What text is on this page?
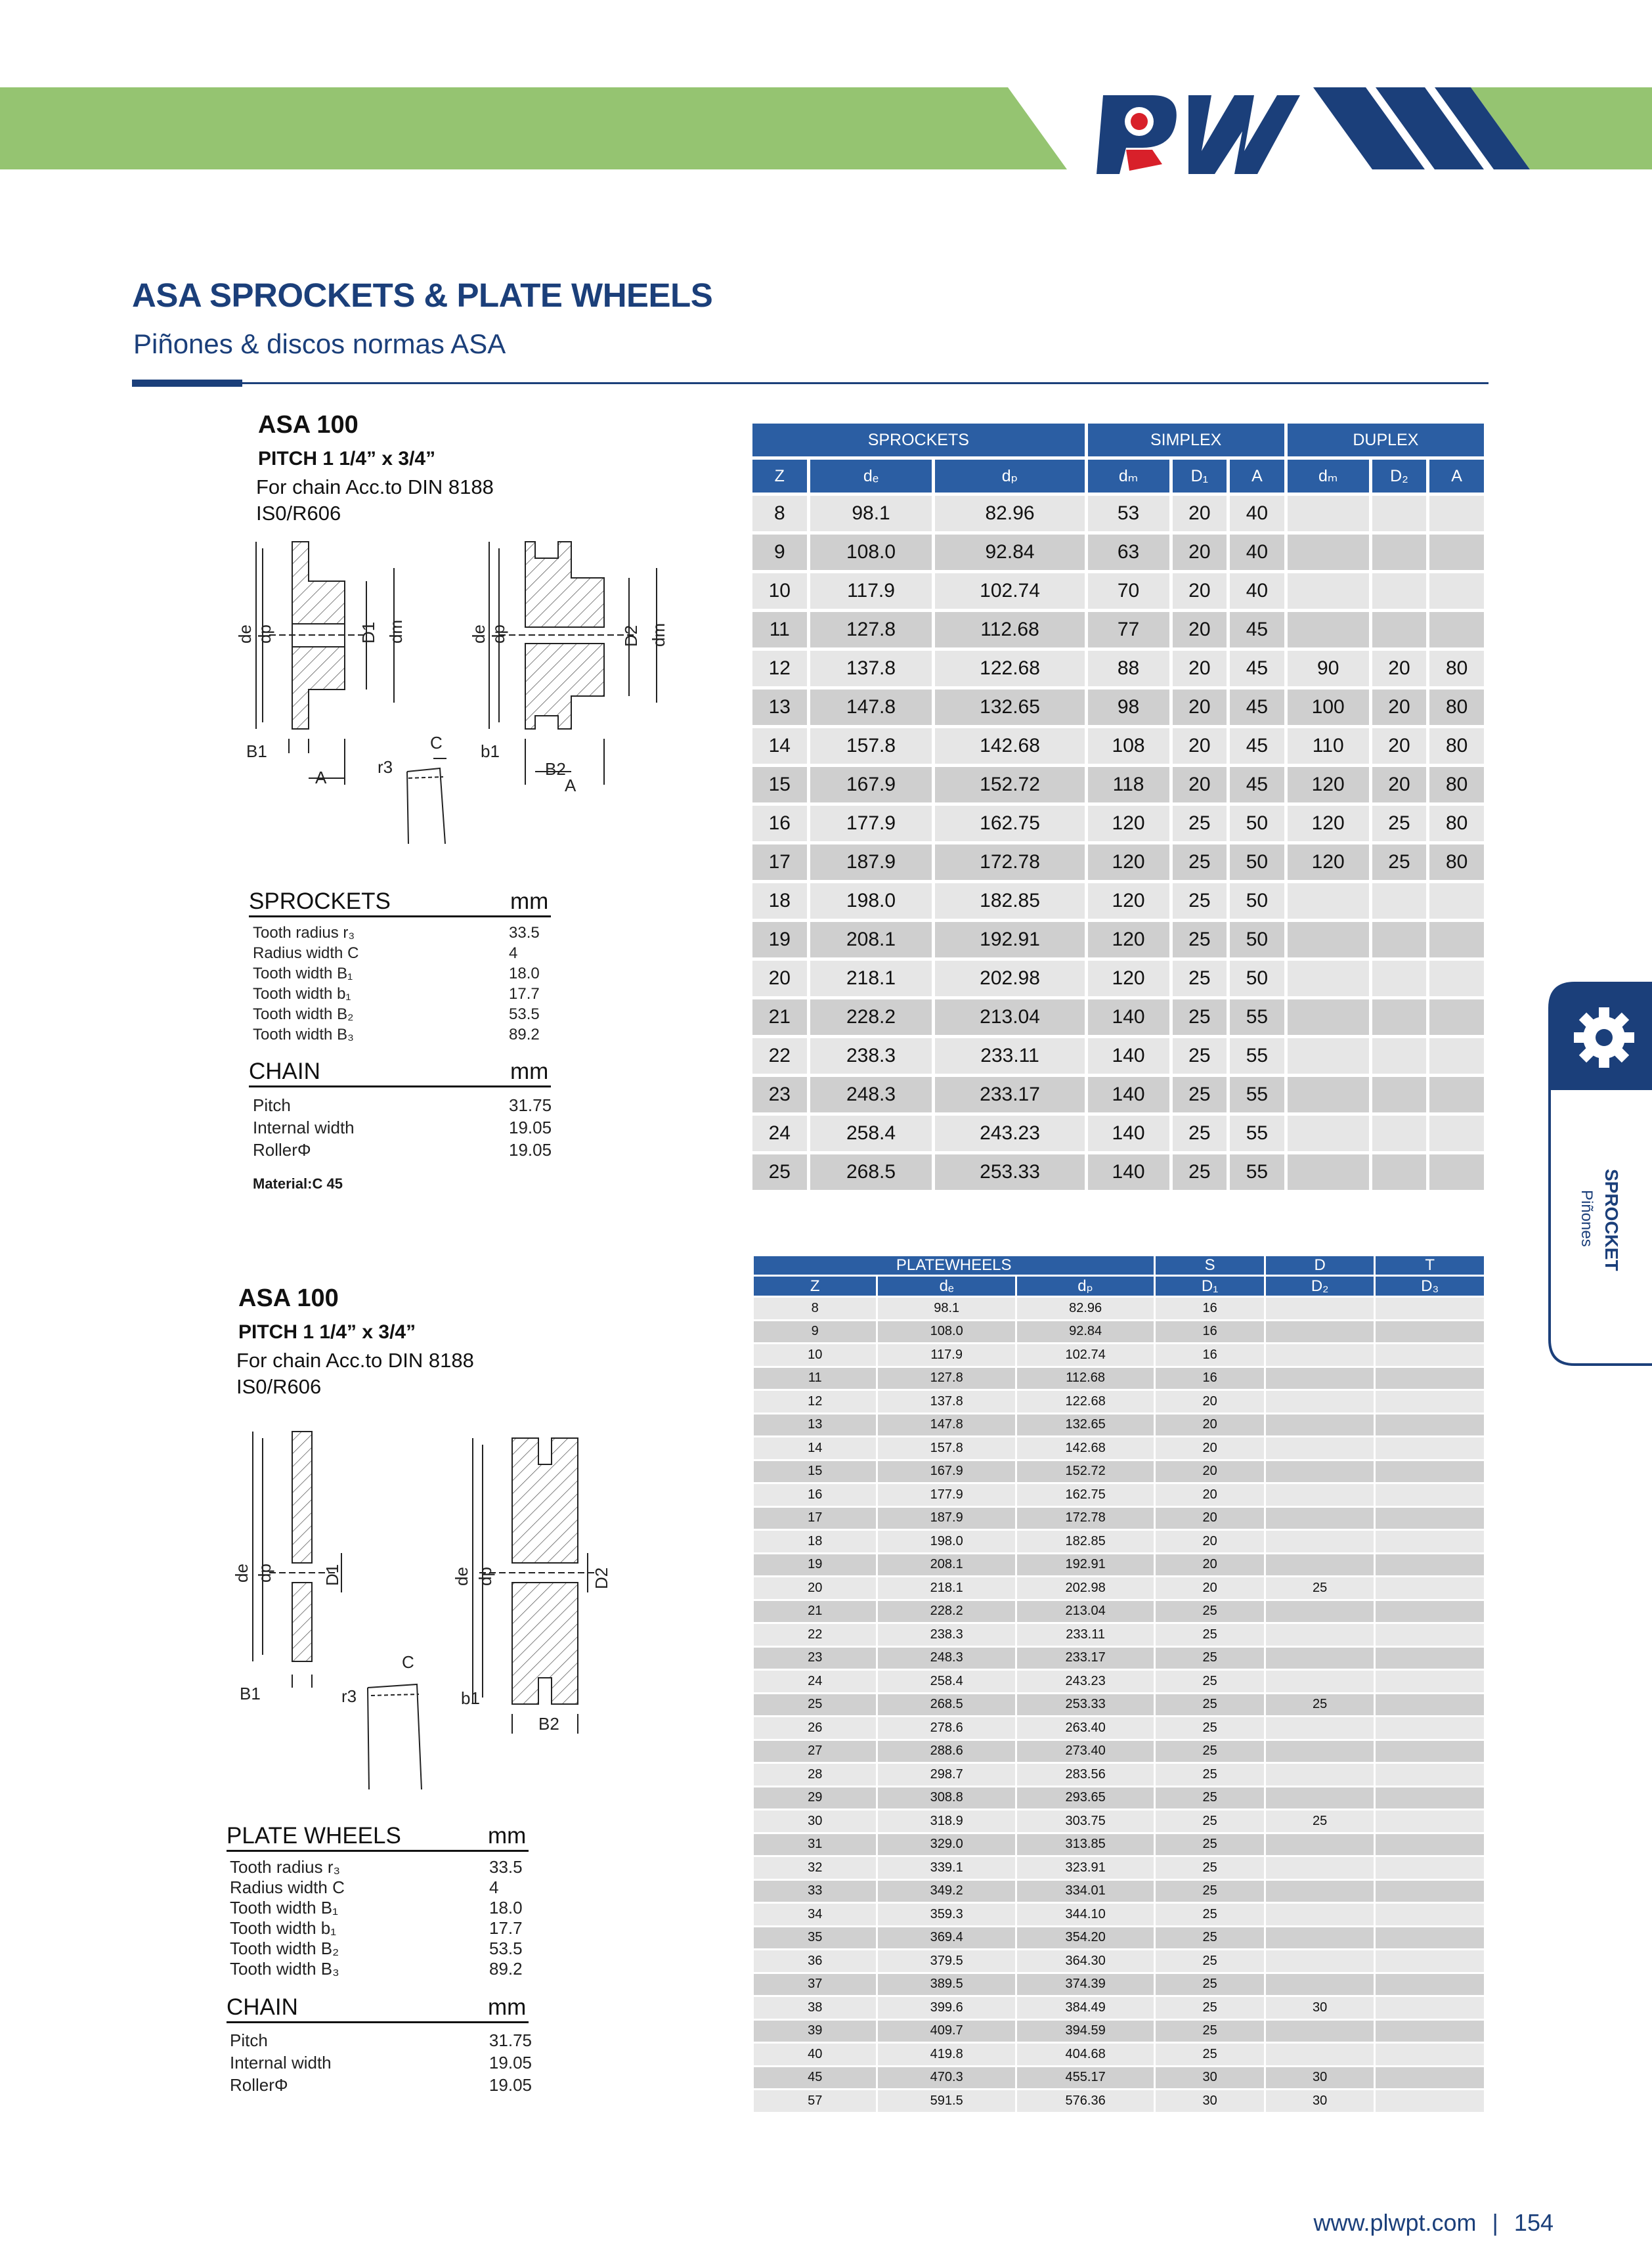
ASA SPROCKETS & PLATE WHEELS
Piñones & discos normas ASA
ASA 100
PITCH 1 1/4” x 3/4”
For chain Acc.to DIN 8188
IS0/R606
de dp	D1 dm	de dp	D2 dm
B1
A
r3
C b1
B2
A
SPROCKETS	mm
Tooth radius r₃	33.5
Radius width C	4
Tooth width B₁	18.0
Tooth width b₁	17.7
Tooth width B₂	53.5
Tooth width B₃	89.2
CHAIN	mm
Pitch	31.75
Internal width	19.05
RollerΦ	19.05
Material:C 45
SPROCKETS			SIMPLEX			DUPLEX		
Z	dₑ	dₚ	dₘ	D₁	A	dₘ	D₂	A
8	98.1	82.96	53	20	40			
9	108.0	92.84	63	20	40			
10	117.9	102.74	70	20	40			
11	127.8	112.68	77	20	45			
12	137.8	122.68	88	20	45	90	20	80
13	147.8	132.65	98	20	45	100	20	80
14	157.8	142.68	108	20	45	110	20	80
15	167.9	152.72	118	20	45	120	20	80
16	177.9	162.75	120	25	50	120	25	80
17	187.9	172.78	120	25	50	120	25	80
18	198.0	182.85	120	25	50			
19	208.1	192.91	120	25	50			
20	218.1	202.98	120	25	50			
21	228.2	213.04	140	25	55			
22	238.3	233.11	140	25	55			
23	248.3	233.17	140	25	55			
24	258.4	243.23	140	25	55			
25	268.5	253.33	140	25	55				SPROCKET
Piñones
ASA 100
PITCH 1 1/4” x 3/4”
For chain Acc.to DIN 8188
IS0/R606
de dp	D1	de dp	D2
B1	r3
C
b1
B2
PLATE WHEELS	mm
Tooth radius r₃	33.5
Radius width C	4
Tooth width B₁	18.0
Tooth width b₁	17.7
Tooth width B₂	53.5
Tooth width B₃	89.2
CHAIN	mm
Pitch	31.75
Internal width	19.05
RollerΦ	19.05
PLATEWHEELS			S	D	T
Z	dₑ	dₚ	D₁	D₂	D₃
8	98.1	82.96	16		
9	108.0	92.84	16		
10	117.9	102.74	16		
11	127.8	112.68	16		
12	137.8	122.68	20		
13	147.8	132.65	20		
14	157.8	142.68	20		
15	167.9	152.72	20		
16	177.9	162.75	20		
17	187.9	172.78	20		
18	198.0	182.85	20		
19	208.1	192.91	20		
20	218.1	202.98	20	25	
21	228.2	213.04	25		
22	238.3	233.11	25		
23	248.3	233.17	25		
24	258.4	243.23	25		
25	268.5	253.33	25	25	
26	278.6	263.40	25		
27	288.6	273.40	25		
28	298.7	283.56	25		
29	308.8	293.65	25		
30	318.9	303.75	25	25	
31	329.0	313.85	25		
32	339.1	323.91	25		
33	349.2	334.01	25		
34	359.3	344.10	25		
35	369.4	354.20	25		
36	379.5	364.30	25		
37	389.5	374.39	25		
38	399.6	384.49	25	30	
39	409.7	394.59	25		
40	419.8	404.68	25		
45	470.3	455.17	30	30	
57	591.5	576.36	30	30	
www.plwpt.com | 154
